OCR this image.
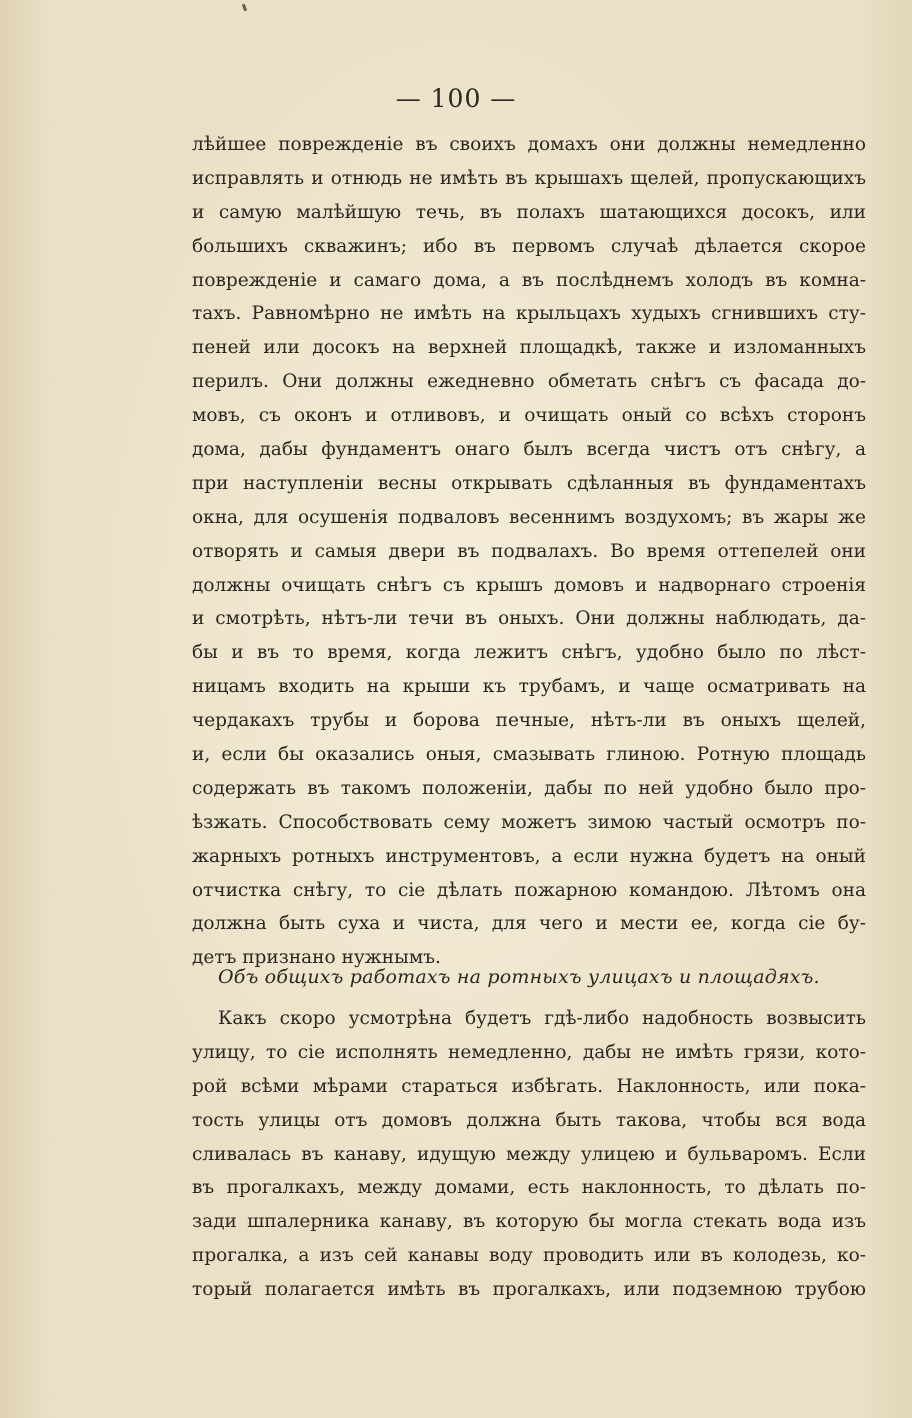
— 100 —
лѣйшее поврежденіе въ своихъ домахъ они должны немедленно
исправлять и отнюдь не имѣть въ крышахъ щелей, пропускающихъ
и самую малѣйшую течь, въ полахъ шатающихся досокъ, или
большихъ скважинъ; ибо въ первомъ случаѣ дѣлается скорое
поврежденіе и самаго дома, а въ послѣднемъ холодъ въ комна-
тахъ. Равномѣрно не имѣть на крыльцахъ худыхъ сгнившихъ сту-
пеней или досокъ на верхней площадкѣ, также и изломанныхъ
перилъ. Они должны ежедневно обметать снѣгъ съ фасада до-
мовъ, съ оконъ и отливовъ, и очищать оный со всѣхъ сторонъ
дома, дабы фундаментъ онаго былъ всегда чистъ отъ снѣгу, а
при наступленіи весны открывать сдѣланныя въ фундаментахъ
окна, для осушенія подваловъ весеннимъ воздухомъ; въ жары же
отворять и самыя двери въ подвалахъ. Во время оттепелей они
должны очищать снѣгъ съ крышъ домовъ и надворнаго строенія
и смотрѣть, нѣтъ-ли течи въ оныхъ. Они должны наблюдать, да-
бы и въ то время, когда лежитъ снѣгъ, удобно было по лѣст-
ницамъ входить на крыши къ трубамъ, и чаще осматривать на
чердакахъ трубы и борова печные, нѣтъ-ли въ оныхъ щелей,
и, если бы оказались оныя, смазывать глиною. Ротную площадь
содержать въ такомъ положеніи, дабы по ней удобно было про-
ѣзжать. Способствовать сему можетъ зимою частый осмотръ по-
жарныхъ ротныхъ инструментовъ, а если нужна будетъ на оный
отчистка снѣгу, то сіе дѣлать пожарною командою. Лѣтомъ она
должна быть суха и чиста, для чего и мести ее, когда сіе бу-
детъ признано нужнымъ.
Объ общихъ работахъ на ротныхъ улицахъ и площадяхъ.
Какъ скоро усмотрѣна будетъ гдѣ-либо надобность возвысить
улицу, то сіе исполнять немедленно, дабы не имѣть грязи, кото-
рой всѣми мѣрами стараться избѣгать. Наклонность, или пока-
тость улицы отъ домовъ должна быть такова, чтобы вся вода
сливалась въ канаву, идущую между улицею и бульваромъ. Если
въ прогалкахъ, между домами, есть наклонность, то дѣлать по-
зади шпалерника канаву, въ которую бы могла стекать вода изъ
прогалка, а изъ сей канавы воду проводить или въ колодезь, ко-
торый полагается имѣть въ прогалкахъ, или подземною трубою
